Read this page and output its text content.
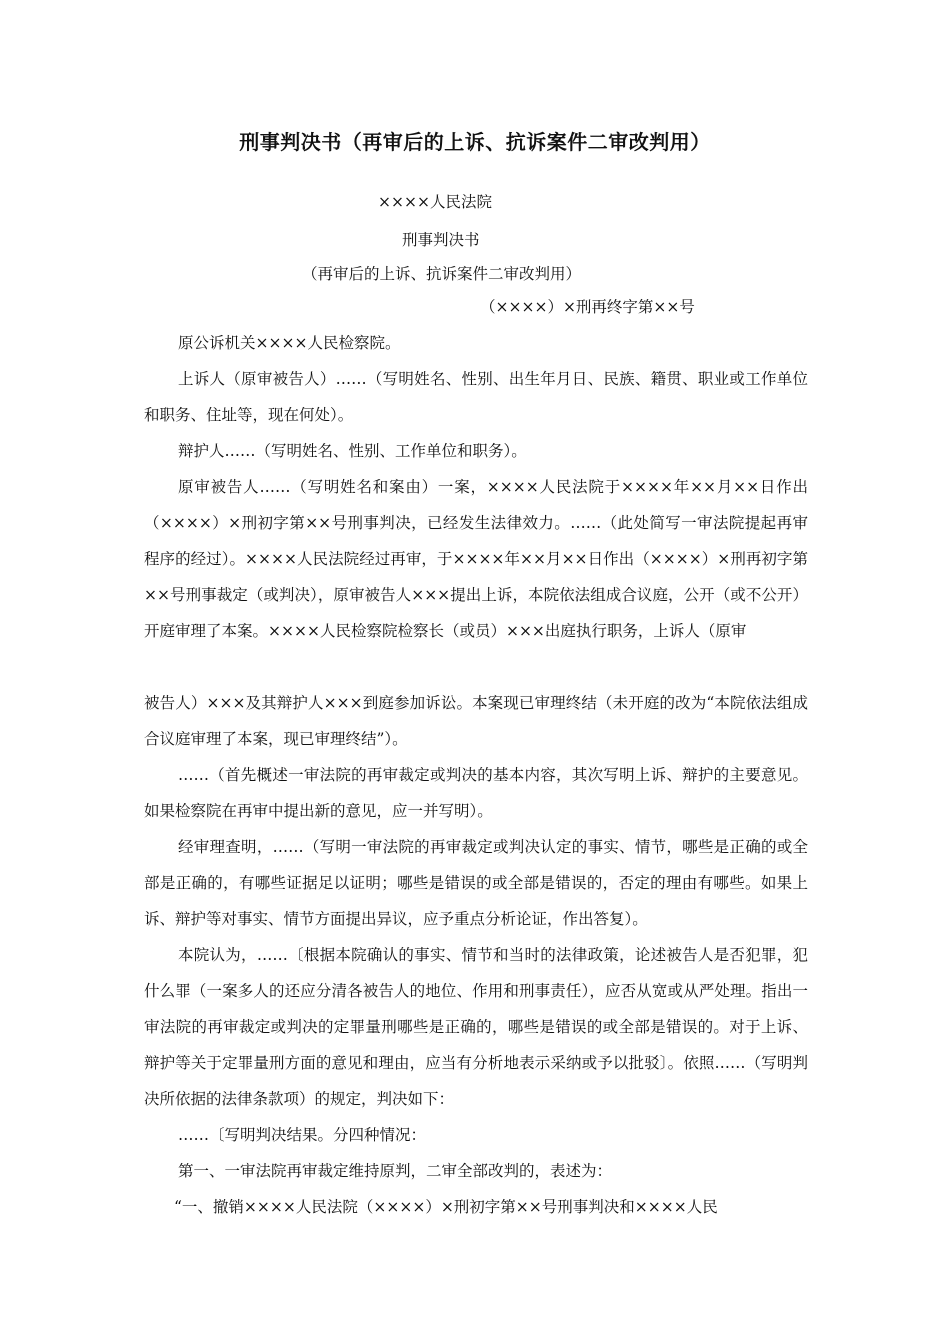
刑事判决书（再审后的上诉、抗诉案件二审改判用）

××××人民法院

刑事判决书

（再审后的上诉、抗诉案件二审改判用）

（××××）×刑再终字第××号

原公诉机关××××人民检察院。

上诉人（原审被告人）……（写明姓名、性别、出生年月日、民族、籍贯、职业或工作单位和职务、住址等，现在何处）。

辩护人……（写明姓名、性别、工作单位和职务）。

原审被告人……（写明姓名和案由）一案，××××人民法院于××××年××月××日作出（××××）×刑初字第××号刑事判决，已经发生法律效力。……（此处简写一审法院提起再审程序的经过）。××××人民法院经过再审，于××××年××月××日作出（××××）×刑再初字第××号刑事裁定（或判决），原审被告人×××提出上诉，本院依法组成合议庭，公开（或不公开）开庭审理了本案。××××人民检察院检察长（或员）×××出庭执行职务，上诉人（原审

被告人）×××及其辩护人×××到庭参加诉讼。本案现已审理终结（未开庭的改为“本院依法组成合议庭审理了本案，现已审理终结”）。

……（首先概述一审法院的再审裁定或判决的基本内容，其次写明上诉、辩护的主要意见。如果检察院在再审中提出新的意见，应一并写明）。

经审理查明，……（写明一审法院的再审裁定或判决认定的事实、情节，哪些是正确的或全部是正确的，有哪些证据足以证明；哪些是错误的或全部是错误的，否定的理由有哪些。如果上诉、辩护等对事实、情节方面提出异议，应予重点分析论证，作出答复）。

本院认为，……〔根据本院确认的事实、情节和当时的法律政策，论述被告人是否犯罪，犯什么罪（一案多人的还应分清各被告人的地位、作用和刑事责任），应否从宽或从严处理。指出一审法院的再审裁定或判决的定罪量刑哪些是正确的，哪些是错误的或全部是错误的。对于上诉、辩护等关于定罪量刑方面的意见和理由，应当有分析地表示采纳或予以批驳〕。依照……（写明判决所依据的法律条款项）的规定，判决如下：

……〔写明判决结果。分四种情况：

第一、一审法院再审裁定维持原判，二审全部改判的，表述为：

“一、撤销××××人民法院（××××）×刑初字第××号刑事判决和××××人民
